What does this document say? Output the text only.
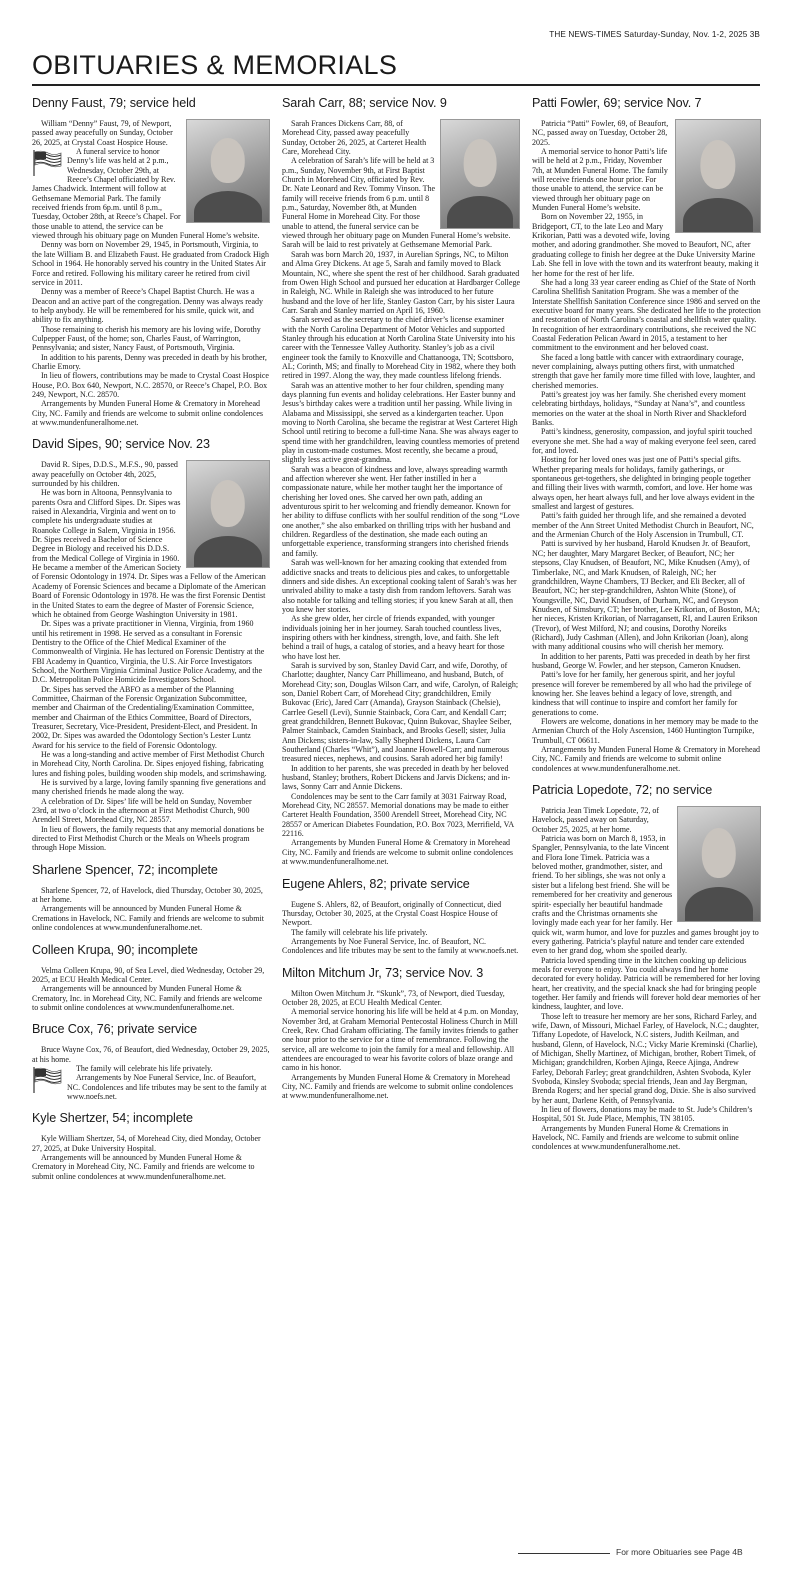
THE NEWS-TIMES Saturday-Sunday, Nov. 1-2, 2025 3B
OBITUARIES & MEMORIALS
Denny Faust, 79; service held

William “Denny” Faust, 79, of Newport, passed away peacefully on Sunday, October 26, 2025, at Crystal Coast Hospice House.

A funeral service to honor Denny’s life was held at 2 p.m., Wednesday, October 29th, at Reece’s Chapel officiated by Rev. James Chadwick. Interment will follow at Gethsemane Memorial Park. The family received friends from 6p.m. until 8 p.m., Tuesday, October 28th, at Reece’s Chapel. For those unable to attend, the service can be viewed through his obituary page on Munden Funeral Home’s website.

Denny was born on November 29, 1945, in Portsmouth, Virginia, to the late William B. and Elizabeth Faust. He graduated from Cradock High School in 1964. He honorably served his country in the United States Air Force and retired. Following his military career he retired from civil service in 2011.

Denny was a member of Reece’s Chapel Baptist Church. He was a Deacon and an active part of the congregation. Denny was always ready to help anybody. He will be remembered for his smile, quick wit, and ability to fix anything.

Those remaining to cherish his memory are his loving wife, Dorothy Culpepper Faust, of the home; son, Charles Faust, of Warrington, Pennsylvania; and sister, Nancy Faust, of Portsmouth, Virginia.

In addition to his parents, Denny was preceded in death by his brother, Charlie Emory.

In lieu of flowers, contributions may be made to Crystal Coast Hospice House, P.O. Box 640, Newport, N.C. 28570, or Reece’s Chapel, P.O. Box 249, Newport, N.C. 28570.

Arrangements by Munden Funeral Home & Crematory in Morehead City, NC. Family and friends are welcome to submit online condolences at www.mundenfuneralhome.net.

David Sipes, 90; service Nov. 23

David R. Sipes, D.D.S., M.F.S., 90, passed away peacefully on October 4th, 2025, surrounded by his children.

He was born in Altoona, Pennsylvania to parents Osra and Clifford Sipes. Dr. Sipes was raised in Alexandria, Virginia and went on to complete his undergraduate studies at Roanoke College in Salem, Virginia in 1956. Dr. Sipes received a Bachelor of Science Degree in Biology and received his D.D.S. from the Medical College of Virginia in 1960. He became a member of the American Society of Forensic Odontology in 1974. Dr. Sipes was a Fellow of the American Academy of Forensic Sciences and became a Diplomate of the American Board of Forensic Odontology in 1978. He was the first Forensic Dentist in the United States to earn the degree of Master of Forensic Science, which he obtained from George Washington University in 1981.

Dr. Sipes was a private practitioner in Vienna, Virginia, from 1960 until his retirement in 1998. He served as a consultant in Forensic Dentistry to the Office of the Chief Medical Examiner of the Commonwealth of Virginia. He has lectured on Forensic Dentistry at the FBI Academy in Quantico, Virginia, the U.S. Air Force Investigators School, the Northern Virginia Criminal Justice Police Academy, and the D.C. Metropolitan Police Homicide Investigators School.

Dr. Sipes has served the ABFO as a member of the Planning Committee, Chairman of the Forensic Organization Subcommittee, member and Chairman of the Credentialing/Examination Committee, member and Chairman of the Ethics Committee, Board of Directors, Treasurer, Secretary, Vice-President, President-Elect, and President. In 2002, Dr. Sipes was awarded the Odontology Section’s Lester Luntz Award for his service to the field of Forensic Odontology.

He was a long-standing and active member of First Methodist Church in Morehead City, North Carolina. Dr. Sipes enjoyed fishing, fabricating lures and fishing poles, building wooden ship models, and scrimshawing.

He is survived by a large, loving family spanning five generations and many cherished friends he made along the way.

A celebration of Dr. Sipes’ life will be held on Sunday, November 23rd, at two o’clock in the afternoon at First Methodist Church, 900 Arendell Street, Morehead City, NC 28557.

In lieu of flowers, the family requests that any memorial donations be directed to First Methodist Church or the Meals on Wheels program through Hope Mission.

Sharlene Spencer, 72; incomplete

Sharlene Spencer, 72, of Havelock, died Thursday, October 30, 2025, at her home.

Arrangements will be announced by Munden Funeral Home & Cremations in Havelock, NC. Family and friends are welcome to submit online condolences at www.mundenfuneralhome.net.

Colleen Krupa, 90; incomplete

Velma Colleen Krupa, 90, of Sea Level, died Wednesday, October 29, 2025, at ECU Health Medical Center.

Arrangements will be announced by Munden Funeral Home & Crematory, Inc. in Morehead City, NC. Family and friends are welcome to submit online condolences at www.mundenfuneralhome.net.

Bruce Cox, 76; private service

Bruce Wayne Cox, 76, of Beaufort, died Wednesday, October 29, 2025, at his home.

The family will celebrate his life privately.

Arrangements by Noe Funeral Service, Inc. of Beaufort, NC. Condolences and life tributes may be sent to the family at www.noefs.net.

Kyle Shertzer, 54; incomplete

Kyle William Shertzer, 54, of Morehead City, died Monday, October 27, 2025, at Duke University Hospital.

Arrangements will be announced by Munden Funeral Home & Crematory in Morehead City, NC. Family and friends are welcome to submit online condolences at www.mundenfuneralhome.net.

Sarah Carr, 88; service Nov. 9

Sarah Frances Dickens Carr, 88, of Morehead City, passed away peacefully Sunday, October 26, 2025, at Carteret Health Care, Morehead City.

A celebration of Sarah’s life will be held at 3 p.m., Sunday, November 9th, at First Baptist Church in Morehead City, officiated by Rev. Dr. Nate Leonard and Rev. Tommy Vinson. The family will receive friends from 6 p.m. until 8 p.m., Saturday, November 8th, at Munden Funeral Home in Morehead City. For those unable to attend, the funeral service can be viewed through her obituary page on Munden Funeral Home’s website. Sarah will be laid to rest privately at Gethsemane Memorial Park.

Sarah was born March 20, 1937, in Aurelian Springs, NC, to Milton and Alma Grey Dickens. At age 5, Sarah and family moved to Black Mountain, NC, where she spent the rest of her childhood. Sarah graduated from Owen High School and pursued her education at Hardbarger College in Raleigh, NC. While in Raleigh she was introduced to her future husband and the love of her life, Stanley Gaston Carr, by his sister Laura Carr. Sarah and Stanley married on April 16, 1960.

Sarah served as the secretary to the chief driver’s license examiner with the North Carolina Department of Motor Vehicles and supported Stanley through his education at North Carolina State University into his career with the Tennessee Valley Authority. Stanley’s job as a civil engineer took the family to Knoxville and Chattanooga, TN; Scottsboro, AL; Corinth, MS; and finally to Morehead City in 1982, where they both retired in 1997. Along the way, they made countless lifelong friends.

Sarah was an attentive mother to her four children, spending many days planning fun events and holiday celebrations. Her Easter bunny and Jesus’s birthday cakes were a tradition until her passing. While living in Alabama and Mississippi, she served as a kindergarten teacher. Upon moving to North Carolina, she became the registrar at West Carteret High School until retiring to become a full-time Nana. She was always eager to spend time with her grandchildren, leaving countless memories of pretend play in custom-made costumes. Most recently, she became a proud, slightly less active great-grandma.

Sarah was a beacon of kindness and love, always spreading warmth and affection wherever she went. Her father instilled in her a compassionate nature, while her mother taught her the importance of cherishing her loved ones. She carved her own path, adding an adventurous spirit to her welcoming and friendly demeanor. Known for her ability to diffuse conflicts with her soulful rendition of the song “Love one another,” she also embarked on thrilling trips with her husband and children. Regardless of the destination, she made each outing an unforgettable experience, transforming strangers into cherished friends and family.

Sarah was well-known for her amazing cooking that extended from addictive snacks and treats to delicious pies and cakes, to unforgettable dinners and side dishes. An exceptional cooking talent of Sarah’s was her unrivaled ability to make a tasty dish from random leftovers. Sarah was also notable for talking and telling stories; if you knew Sarah at all, then you knew her stories.

As she grew older, her circle of friends expanded, with younger individuals joining her in her journey. Sarah touched countless lives, inspiring others with her kindness, strength, love, and faith. She left behind a trail of hugs, a catalog of stories, and a heavy heart for those who have lost her.

Sarah is survived by son, Stanley David Carr, and wife, Dorothy, of Charlotte; daughter, Nancy Carr Phillimeano, and husband, Butch, of Morehead City; son, Douglas Wilson Carr, and wife, Carolyn, of Raleigh; son, Daniel Robert Carr, of Morehead City; grandchildren, Emily Bukovac (Eric), Jared Carr (Amanda), Grayson Stainback (Chelsie), Carrlee Gesell (Levi), Sunnie Stainback, Cora Carr, and Kendall Carr; great grandchildren, Bennett Bukovac, Quinn Bukovac, Shaylee Seiber, Palmer Stainback, Camden Stainback, and Brooks Gesell; sister, Julia Ann Dickens; sisters-in-law, Sally Shepherd Dickens, Laura Carr Southerland (Charles “Whit”), and Joanne Howell-Carr; and numerous treasured nieces, nephews, and cousins. Sarah adored her big family!

In addition to her parents, she was preceded in death by her beloved husband, Stanley; brothers, Robert Dickens and Jarvis Dickens; and in-laws, Sonny Carr and Annie Dickens.

Condolences may be sent to the Carr family at 3031 Fairway Road, Morehead City, NC 28557. Memorial donations may be made to either Carteret Health Foundation, 3500 Arendell Street, Morehead City, NC 28557 or American Diabetes Foundation, P.O. Box 7023, Merrifield, VA 22116.

Arrangements by Munden Funeral Home & Crematory in Morehead City, NC. Family and friends are welcome to submit online condolences at www.mundenfuneralhome.net.

Eugene Ahlers, 82; private service

Eugene S. Ahlers, 82, of Beaufort, originally of Connecticut, died Thursday, October 30, 2025, at the Crystal Coast Hospice House of Newport.

The family will celebrate his life privately.

Arrangements by Noe Funeral Service, Inc. of Beaufort, NC. Condolences and life tributes may be sent to the family at www.noefs.net.

Milton Mitchum Jr, 73; service Nov. 3

Milton Owen Mitchum Jr. “Skunk”, 73, of Newport, died Tuesday, October 28, 2025, at ECU Health Medical Center.

A memorial service honoring his life will be held at 4 p.m. on Monday, November 3rd, at Graham Memorial Pentecostal Holiness Church in Mill Creek, Rev. Chad Graham officiating. The family invites friends to gather one hour prior to the service for a time of remembrance. Following the service, all are welcome to join the family for a meal and fellowship. All attendees are encouraged to wear his favorite colors of blaze orange and camo in his honor.

Arrangements by Munden Funeral Home & Crematory in Morehead City, NC. Family and friends are welcome to submit online condolences at www.mundenfuneralhome.net.

Patti Fowler, 69; service Nov. 7

Patricia “Patti” Fowler, 69, of Beaufort, NC, passed away on Tuesday, October 28, 2025.

A memorial service to honor Patti’s life will be held at 2 p.m., Friday, November 7th, at Munden Funeral Home. The family will receive friends one hour prior. For those unable to attend, the service can be viewed through her obituary page on Munden Funeral Home’s website.

Born on November 22, 1955, in Bridgeport, CT, to the late Leo and Mary Krikorian, Patti was a devoted wife, loving mother, and adoring grandmother. She moved to Beaufort, NC, after graduating college to finish her degree at the Duke University Marine Lab. She fell in love with the town and its waterfront beauty, making it her home for the rest of her life.

She had a long 33 year career ending as Chief of the State of North Carolina Shellfish Sanitation Program. She was a member of the Interstate Shellfish Sanitation Conference since 1986 and served on the executive board for many years. She dedicated her life to the protection and restoration of North Carolina’s coastal and shellfish water quality. In recognition of her extraordinary contributions, she received the NC Coastal Federation Pelican Award in 2015, a testament to her commitment to the environment and her beloved coast.

She faced a long battle with cancer with extraordinary courage, never complaining, always putting others first, with unmatched strength that gave her family more time filled with love, laughter, and cherished memories.

Patti’s greatest joy was her family. She cherished every moment celebrating birthdays, holidays, “Sunday at Nana’s”, and countless memories on the water at the shoal in North River and Shackleford Banks.

Patti’s kindness, generosity, compassion, and joyful spirit touched everyone she met. She had a way of making everyone feel seen, cared for, and loved.

Hosting for her loved ones was just one of Patti’s special gifts. Whether preparing meals for holidays, family gatherings, or spontaneous get-togethers, she delighted in bringing people together and filling their lives with warmth, comfort, and love. Her home was always open, her heart always full, and her love always evident in the smallest and largest of gestures.

Patti’s faith guided her through life, and she remained a devoted member of the Ann Street United Methodist Church in Beaufort, NC, and the Armenian Church of the Holy Ascension in Trumbull, CT.

Patti is survived by her husband, Harold Knudsen Jr. of Beaufort, NC; her daughter, Mary Margaret Becker, of Beaufort, NC; her stepsons, Clay Knudsen, of Beaufort, NC, Mike Knudsen (Amy), of Timberlake, NC, and Mark Knudsen, of Raleigh, NC; her grandchildren, Wayne Chambers, TJ Becker, and Eli Becker, all of Beaufort, NC; her step-grandchildren, Ashton White (Stone), of Youngsville, NC, David Knudsen, of Durham, NC, and Greyson Knudsen, of Simsbury, CT; her brother, Lee Krikorian, of Boston, MA; her nieces, Kristen Krikorian, of Narragansett, RI, and Lauren Erikson (Trevor), of West Milford, NJ; and cousins, Dorothy Noreiks (Richard), Judy Cashman (Allen), and John Krikorian (Joan), along with many additional cousins who will cherish her memory.

In addition to her parents, Patti was preceded in death by her first husband, George W. Fowler, and her stepson, Cameron Knudsen.

Patti’s love for her family, her generous spirit, and her joyful presence will forever be remembered by all who had the privilege of knowing her. She leaves behind a legacy of love, strength, and kindness that will continue to inspire and comfort her family for generations to come.

Flowers are welcome, donations in her memory may be made to the Armenian Church of the Holy Ascension, 1460 Huntington Turnpike, Trumbull, CT 06611.

Arrangements by Munden Funeral Home & Crematory in Morehead City, NC. Family and friends are welcome to submit online condolences at www.mundenfuneralhome.net.

Patricia Lopedote, 72; no service

Patricia Jean Timek Lopedote, 72, of Havelock, passed away on Saturday, October 25, 2025, at her home.

Patricia was born on March 8, 1953, in Spangler, Pennsylvania, to the late Vincent and Flora Ione Timek. Patricia was a beloved mother, grandmother, sister, and friend. To her siblings, she was not only a sister but a lifelong best friend. She will be remembered for her creativity and generous spirit- especially her beautiful handmade crafts and the Christmas ornaments she lovingly made each year for her family. Her quick wit, warm humor, and love for puzzles and games brought joy to every gathering. Patricia’s playful nature and tender care extended even to her grand dog, whom she spoiled dearly.

Patricia loved spending time in the kitchen cooking up delicious meals for everyone to enjoy. You could always find her home decorated for every holiday. Patricia will be remembered for her loving heart, her creativity, and the special knack she had for bringing people together. Her family and friends will forever hold dear memories of her kindness, laughter, and love.

Those left to treasure her memory are her sons, Richard Farley, and wife, Dawn, of Missouri, Michael Farley, of Havelock, N.C.; daughter, Tiffany Lopedote, of Havelock, N.C sisters, Judith Keilman, and husband, Glenn, of Havelock, N.C.; Vicky Marie Kreminski (Charlie), of Michigan, Shelly Martinez, of Michigan, brother, Robert Timek, of Michigan; grandchildren, Korben Ajinga, Reece Ajinga, Andrew Farley, Deborah Farley; great grandchildren, Ashten Svoboda, Kyler Svoboda, Kinsley Svoboda; special friends, Jean and Jay Bergman, Brenda Rogers; and her special grand dog, Dixie. She is also survived by her aunt, Darlene Keith, of Pennsylvania.

In lieu of flowers, donations may be made to St. Jude’s Children’s Hospital, 501 St. Jude Place, Memphis, TN 38105.

Arrangements by Munden Funeral Home & Cremations in Havelock, NC. Family and friends are welcome to submit online condolences at www.mundenfuneralhome.net.

For more Obituaries see Page 4B
